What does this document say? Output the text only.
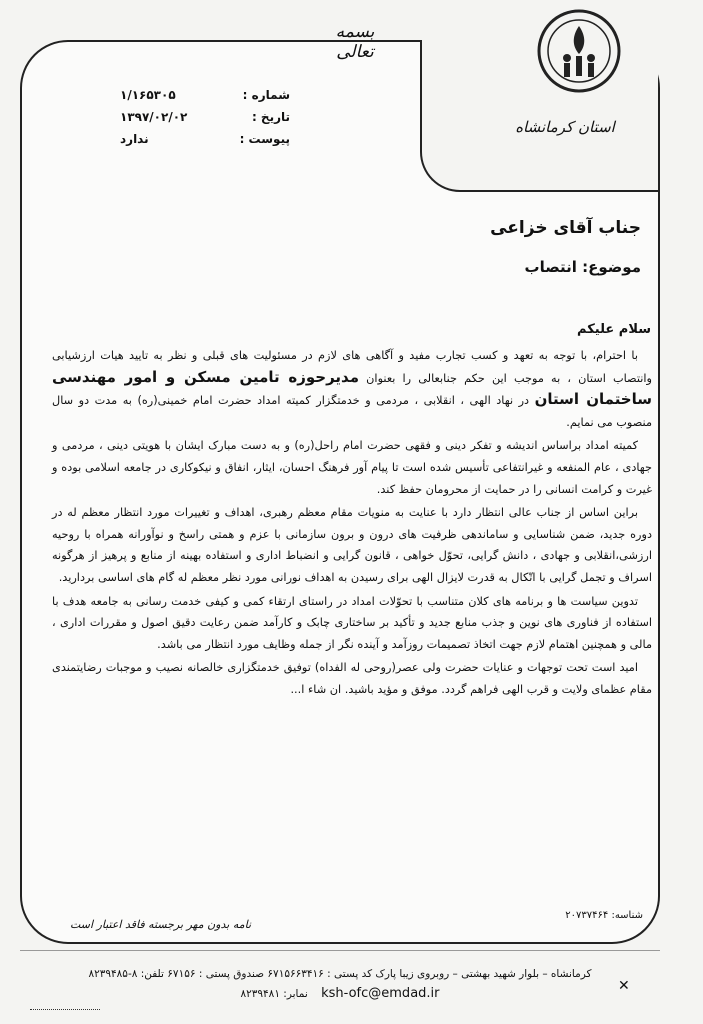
بسمه تعالی
استان کرمانشاه
شماره :
۱/۱۶۵۳۰۵
تاریخ :
۱۳۹۷/۰۲/۰۲
پیوست :
ندارد
جناب آقای خزاعی
موضوع: انتصاب
سلام علیکم

با احترام، با توجه به تعهد و کسب تجارب مفید و آگاهی های لازم در مسئولیت های قبلی و نظر به تایید هیات ارزشیابی وانتصاب استان ، به موجب این حکم جنابعالی را بعنوان مدیرحوزه تامین مسکن و امور مهندسی ساختمان استان در نهاد الهی ، انقلابی ، مردمی و خدمتگزار کمیته امداد حضرت امام خمینی(ره) به مدت دو سال منصوب می نمایم.

کمیته امداد براساس اندیشه و تفکر دینی و فقهی حضرت امام راحل(ره) و به دست مبارک ایشان با هویتی دینی ، مردمی و جهادی ، عام المنفعه و غیرانتفاعی تأسیس شده است تا پیام آور فرهنگ احسان، ایثار، انفاق و نیکوکاری در جامعه اسلامی بوده و غیرت و کرامت انسانی را در حمایت از محرومان حفظ کند.

براین اساس از جناب عالی انتظار دارد با عنایت به منویات مقام معظم رهبری، اهداف و تغییرات مورد انتظار معظم له در دوره جدید، ضمن شناسایی و ساماندهی ظرفیت های درون و برون سازمانی با عزم و همتی راسخ و نوآورانه همراه با روحیه ارزشی،انقلابی و جهادی ، دانش گرایی، تحوّل خواهی ، قانون گرایی و انضباط اداری و استفاده بهینه از منابع و پرهیز از هرگونه اسراف و تجمل گرایی با اتّکال به قدرت لایزال الهی برای رسیدن به اهداف نورانی مورد نظر معظم له گام های اساسی بردارید.

تدوین سیاست ها و برنامه های کلان متناسب با تحوّلات امداد در راستای ارتقاء کمی و کیفی خدمت رسانی به جامعه هدف با استفاده از فناوری های نوین و جذب منابع جدید و تأکید بر ساختاری چابک و کارآمد ضمن رعایت دقیق اصول و مقررات اداری ، مالی و همچنین اهتمام لازم جهت اتخاذ تصمیمات روزآمد و آینده نگر از جمله وظایف مورد انتظار می باشد.

امید است تحت توجهات و عنایات حضرت ولی عصر(روحی له الفداه) توفیق خدمتگزاری خالصانه نصیب و موجبات رضایتمندی مقام عظمای ولایت و قرب الهی فراهم گردد. موفق و مؤید باشید. ان شاء ا...

شناسه: ۲۰۷۳۷۴۶۴
نامه بدون مهر برجسته فاقد اعتبار است
کرمانشاه – بلوار شهید بهشتی – روبروی زیبا پارک کد پستی : ۶۷۱۵۶۶۳۴۱۶ صندوق پستی : ۶۷۱۵۶ تلفن: ۸-۸۲۳۹۴۸۵
ksh-ofc@emdad.ir    نمابر: ۸۲۳۹۴۸۱	✕
